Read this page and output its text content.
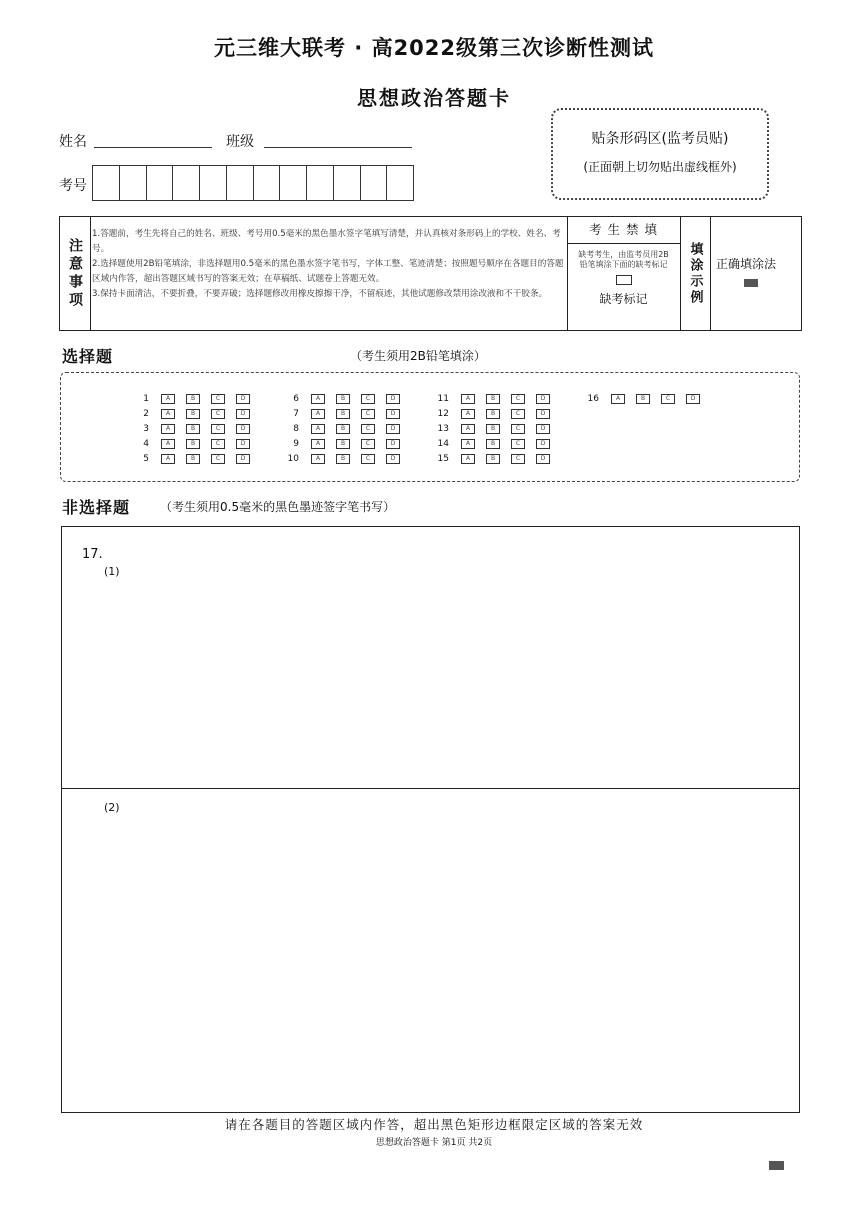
元三维大联考 · 高2022级第三次诊断性测试
思想政治答题卡
姓名	班级
考号
贴条形码区(监考员贴)
(正面朝上切勿贴出虚线框外)
注意事项
1.答题前，考生先将自己的姓名、班级、考号用0.5毫米的黑色墨水签字笔填写清楚，并认真核对条形码上的学校、姓名、考号。
2.选择题使用2B铅笔填涂，非选择题用0.5毫米的黑色墨水签字笔书写，字体工整、笔迹清楚；按照题号顺序在各题目的答题区域内作答，超出答题区域书写的答案无效；在草稿纸、试题卷上答题无效。
3.保持卡面清洁，不要折叠，不要弄破；选择题修改用橡皮擦擦干净，不留痕迹，其他试题修改禁用涂改液和不干胶条。
考 生 禁 填
缺考考生，由监考员用2B铅笔填涂下面的缺考标记
缺考标记	填涂示例 正确填涂法
选择题	（考生须用2B铅笔填涂）
1	A	B	C	D
2	A	B	C	D
3	A	B	C	D
4	A	B	C	D
5	A	B	C	D
6	A	B	C	D
7	A	B	C	D
8	A	B	C	D
9	A	B	C	D
10	A	B	C	D
11	A	B	C	D
12	A	B	C	D
13	A	B	C	D
14	A	B	C	D
15	A	B	C	D
16	A	B	C	D
非选择题 （考生须用0.5毫米的黑色墨迹签字笔书写）
17.
(1)
(2)
请在各题目的答题区域内作答，超出黑色矩形边框限定区域的答案无效
思想政治答题卡 第1页 共2页
